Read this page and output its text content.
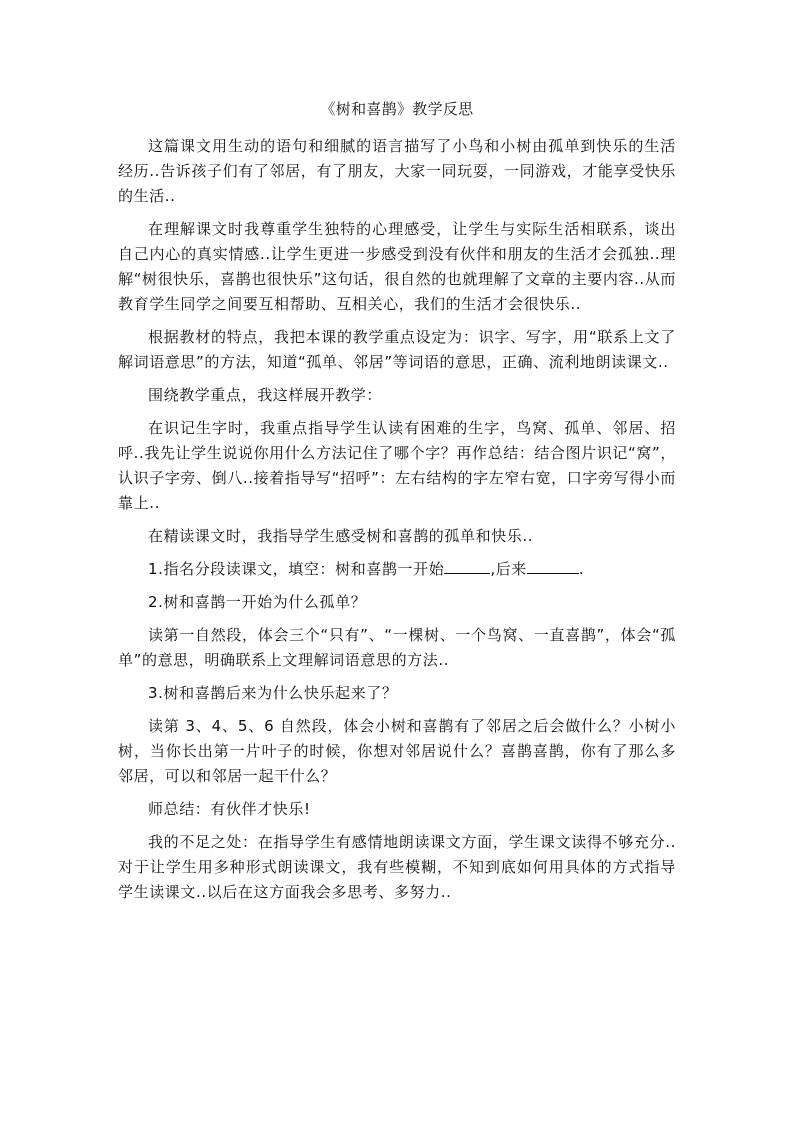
《树和喜鹊》教学反思

这篇课文用生动的语句和细腻的语言描写了小鸟和小树由孤单到快乐的生活经历..告诉孩子们有了邻居，有了朋友，大家一同玩耍，一同游戏，才能享受快乐的生活..

在理解课文时我尊重学生独特的心理感受，让学生与实际生活相联系，谈出自己内心的真实情感..让学生更进一步感受到没有伙伴和朋友的生活才会孤独..理解“树很快乐，喜鹊也很快乐”这句话，很自然的也就理解了文章的主要内容..从而教育学生同学之间要互相帮助、互相关心，我们的生活才会很快乐..

根据教材的特点，我把本课的教学重点设定为：识字、写字，用“联系上文了解词语意思”的方法，知道“孤单、邻居”等词语的意思，正确、流利地朗读课文..

围绕教学重点，我这样展开教学：

在识记生字时，我重点指导学生认读有困难的生字，鸟窝、孤单、邻居、招呼..我先让学生说说你用什么方法记住了哪个字？再作总结：结合图片识记“窝”，认识子字旁、倒八..接着指导写“招呼”：左右结构的字左窄右宽，口字旁写得小而靠上..

在精读课文时，我指导学生感受树和喜鹊的孤单和快乐..

1.指名分段读课文，填空：树和喜鹊一开始	,后来	.

2.树和喜鹊一开始为什么孤单？

读第一自然段，体会三个“只有”、“一棵树、一个鸟窝、一直喜鹊”，体会“孤单”的意思，明确联系上文理解词语意思的方法..

3.树和喜鹊后来为什么快乐起来了？

读第 3、4、5、6 自然段，体会小树和喜鹊有了邻居之后会做什么？小树小树，当你长出第一片叶子的时候，你想对邻居说什么？喜鹊喜鹊，你有了那么多邻居，可以和邻居一起干什么？

师总结：有伙伴才快乐!

我的不足之处：在指导学生有感情地朗读课文方面，学生课文读得不够充分..对于让学生用多种形式朗读课文，我有些模糊，不知到底如何用具体的方式指导学生读课文..以后在这方面我会多思考、多努力..
